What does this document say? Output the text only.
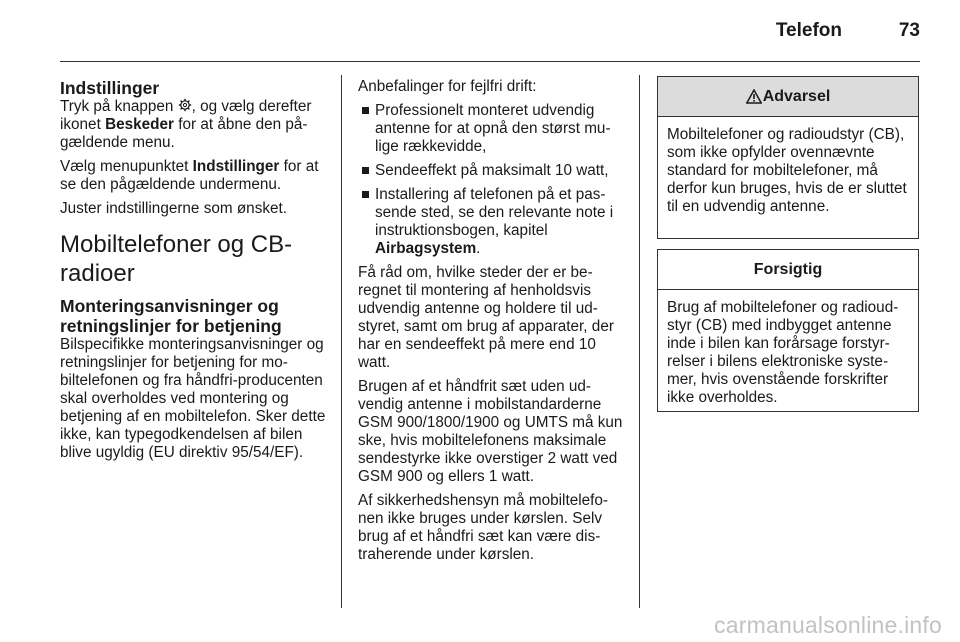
Telefon	73
Indstillinger

Tryk på knappen , og vælg derefter ikonet Beskeder for at åbne den pågældende menu.

Vælg menupunktet Indstillinger for at se den pågældende undermenu.

Juster indstillingerne som ønsket.

Mobiltelefoner og CB-radioer
Monteringsanvisninger og retningslinjer for betjening

Bilspecifikke monteringsanvisninger og retningslinjer for betjening for mobiltelefonen og fra håndfri-producenten skal overholdes ved montering og betjening af en mobiltelefon. Sker dette ikke, kan typegodkendelsen af bilen blive ugyldig (EU direktiv 95/54/EF).

Anbefalinger for fejlfri drift:

Professionelt monteret udvendig antenne for at opnå den størst mulige rækkevidde,
Sendeeffekt på maksimalt 10 watt,
Installering af telefonen på et passende sted, se den relevante note i instruktionsbogen, kapitel Airbagsystem.

Få råd om, hvilke steder der er beregnet til montering af henholdsvis udvendig antenne og holdere til udstyret, samt om brug af apparater, der har en sendeeffekt på mere end 10 watt.

Brugen af et håndfrit sæt uden udvendig antenne i mobilstandarderne GSM 900/1800/1900 og UMTS må kun ske, hvis mobiltelefonens maksimale sendestyrke ikke overstiger 2 watt ved GSM 900 og ellers 1 watt.

Af sikkerhedshensyn må mobiltelefonen ikke bruges under kørslen. Selv brug af et håndfri sæt kan være distraherende under kørslen.

Advarsel
Mobiltelefoner og radioudstyr (CB), som ikke opfylder ovennævnte standard for mobiltelefoner, må derfor kun bruges, hvis de er sluttet til en udvendig antenne.
Forsigtig
Brug af mobiltelefoner og radioudstyr (CB) med indbygget antenne inde i bilen kan forårsage forstyrrelser i bilens elektroniske systemer, hvis ovenstående forskrifter ikke overholdes.
carmanualsonline.info
